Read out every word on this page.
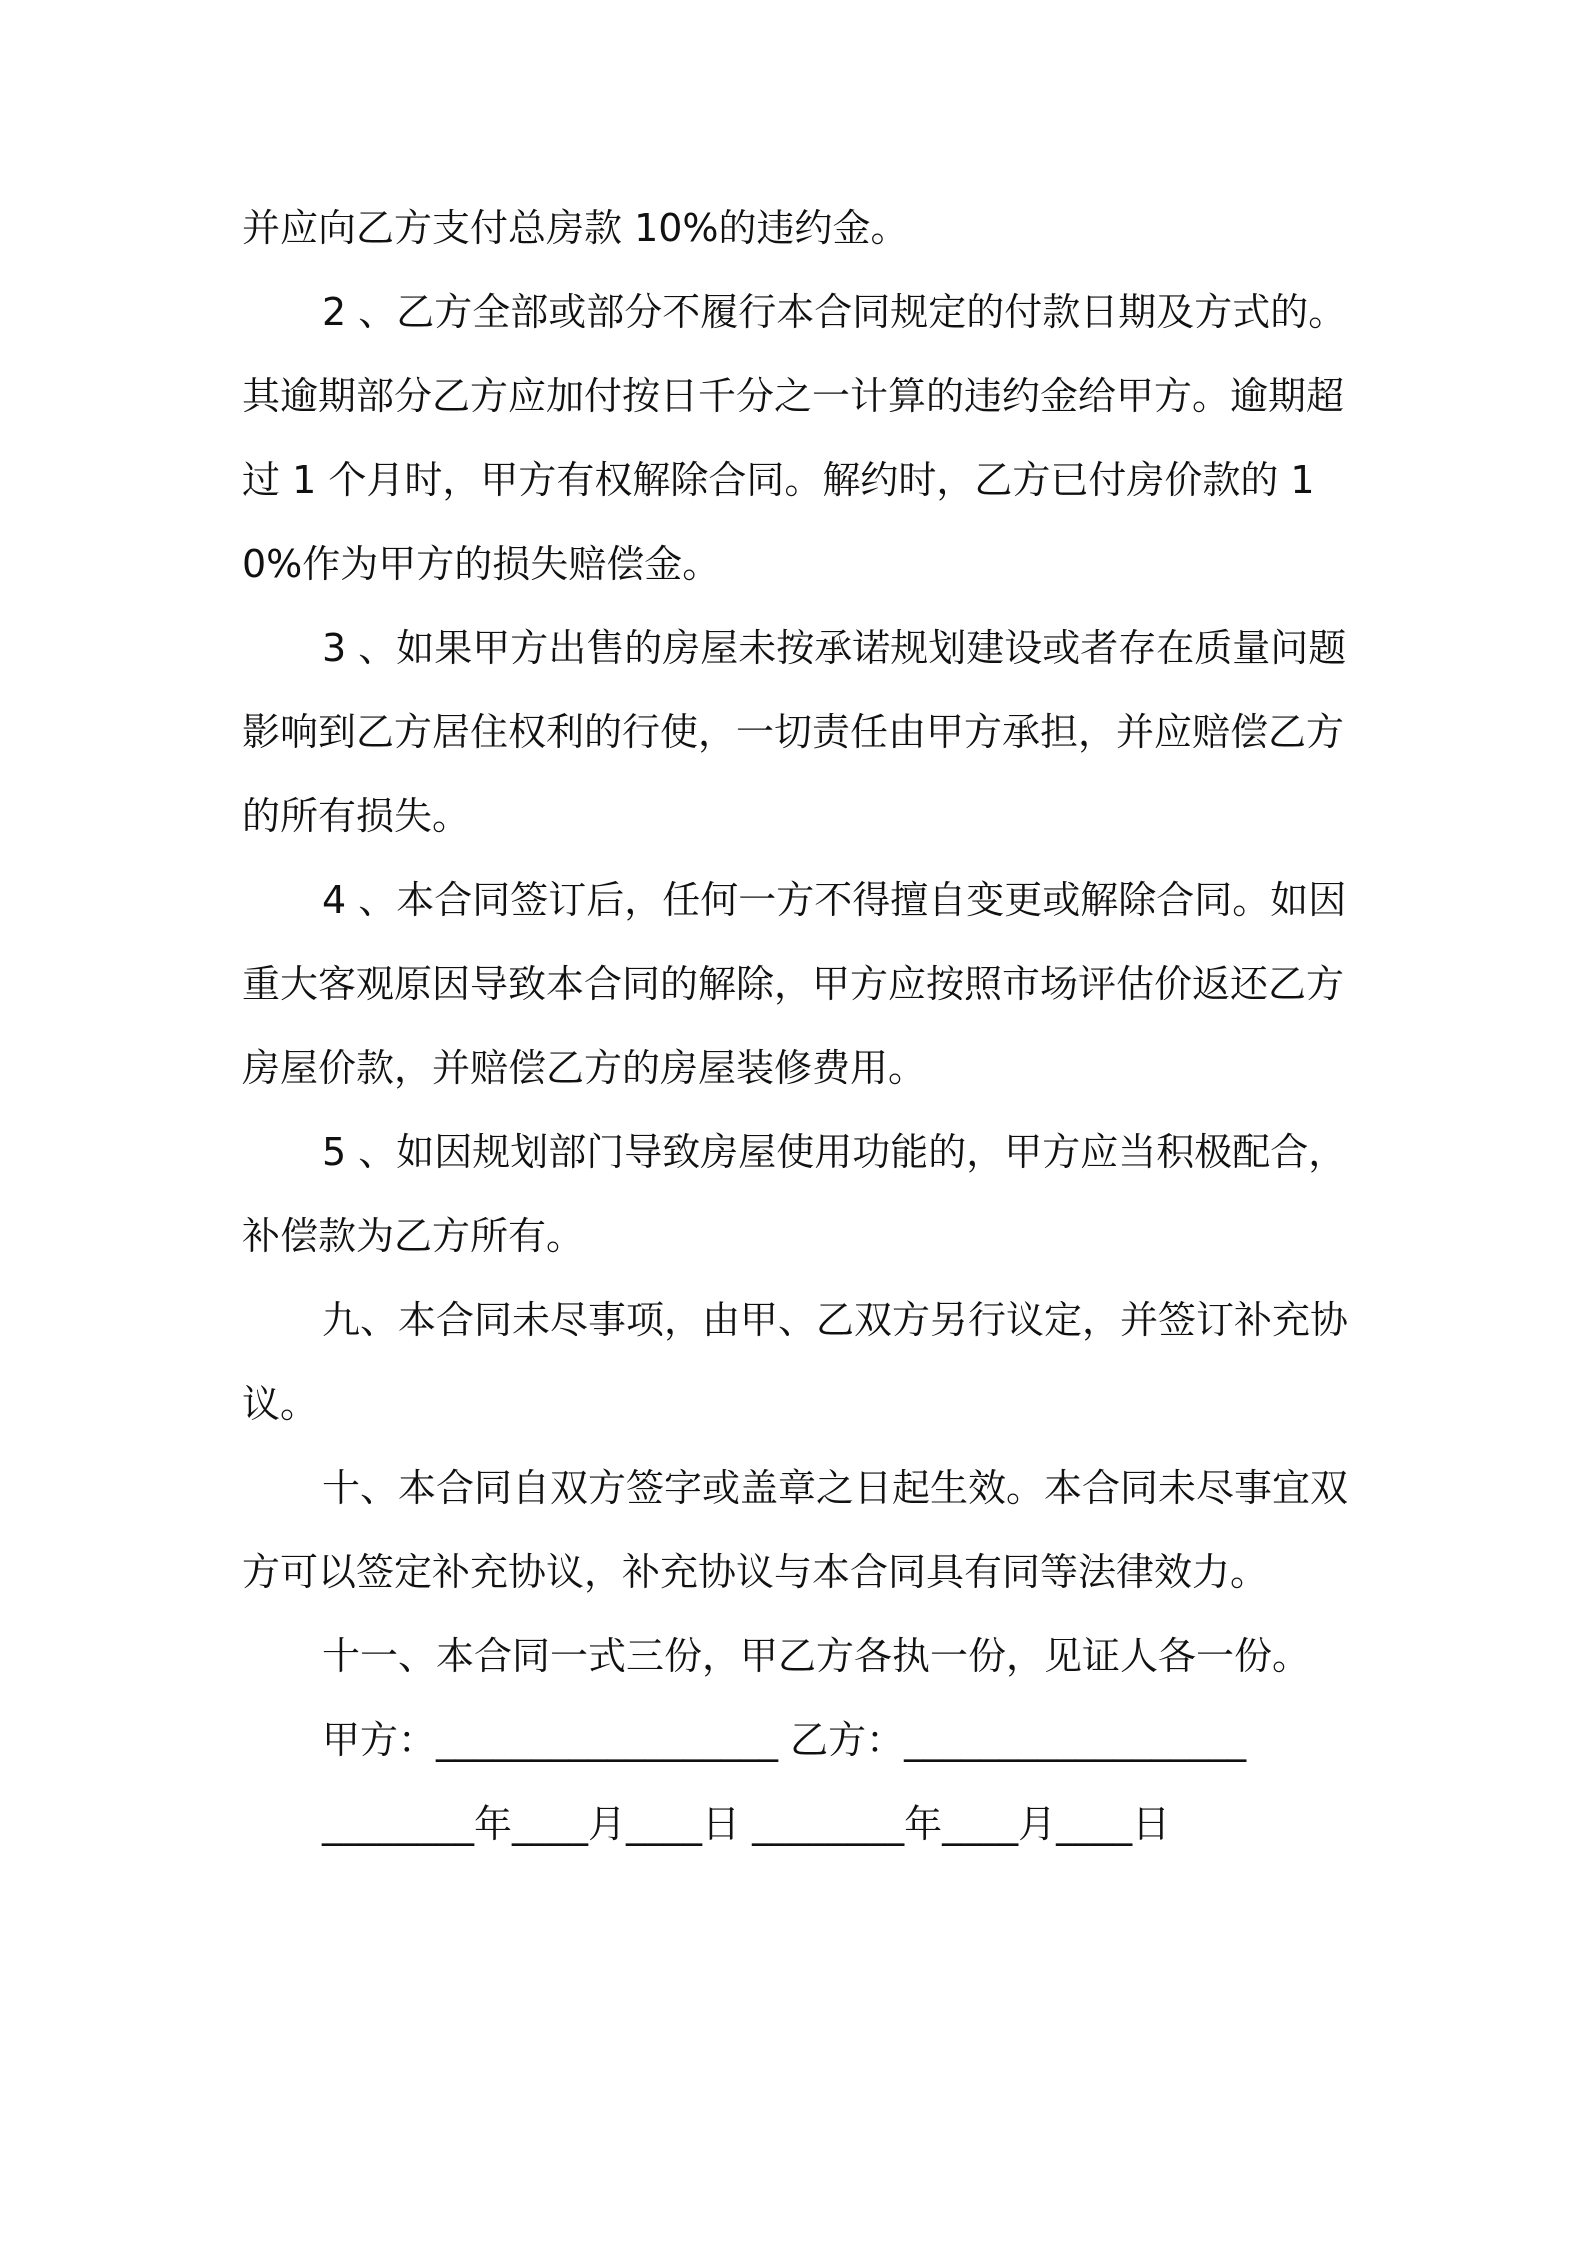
并应向乙方支付总房款 10%的违约金。

2 、乙方全部或部分不履行本合同规定的付款日期及方式的。其逾期部分乙方应加付按日千分之一计算的违约金给甲方。逾期超过 1 个月时，甲方有权解除合同。解约时，乙方已付房价款的 10%作为甲方的损失赔偿金。

3 、如果甲方出售的房屋未按承诺规划建设或者存在质量问题影响到乙方居住权利的行使，一切责任由甲方承担，并应赔偿乙方的所有损失。

4 、本合同签订后，任何一方不得擅自变更或解除合同。如因重大客观原因导致本合同的解除，甲方应按照市场评估价返还乙方房屋价款，并赔偿乙方的房屋装修费用。

5 、如因规划部门导致房屋使用功能的，甲方应当积极配合，补偿款为乙方所有。

九、本合同未尽事项，由甲、乙双方另行议定，并签订补充协议。

十、本合同自双方签字或盖章之日起生效。本合同未尽事宜双方可以签定补充协议，补充协议与本合同具有同等法律效力。

十一、本合同一式三份，甲乙方各执一份，见证人各一份。

甲方：__________________ 乙方：__________________
________年____月____日 ________年____月____日
